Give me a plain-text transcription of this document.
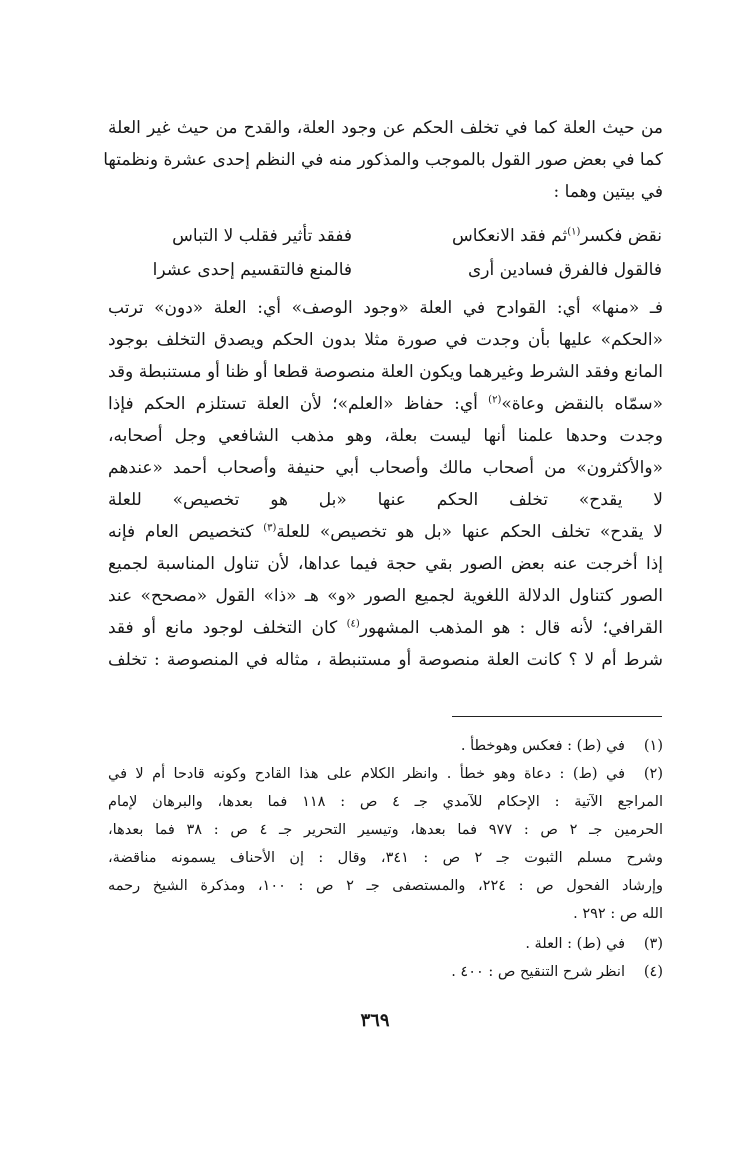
من حيث العلة كما في تخلف الحكم عن وجود العلة، والقدح من حيث غير العلة
كما في بعض صور القول بالموجب والمذكور منه في النظم إحدى عشرة ونظمتها
في بيتين وهما :
نقض فكسر$^{(١)}$ثم فقد الانعكاس
ففقد تأثير فقلب لا التباس
فالقول فالفرق فسادين أرى
فالمنع فالتقسيم إحدى عشرا
فـ «منها» أي: القوادح في العلة «وجود الوصف» أي: العلة «دون» ترتب
«الحكم» عليها بأن وجدت في صورة مثلا بدون الحكم ويصدق التخلف بوجود
المانع وفقد الشرط وغيرهما ويكون العلة منصوصة قطعا أو ظنا أو مستنبطة وقد
«سمّاه بالنقض وعاة»$^{(٢)}$ أي: حفاظ «العلم»؛ لأن العلة تستلزم الحكم فإذا
وجدت وحدها علمنا أنها ليست بعلة، وهو مذهب الشافعي وجل أصحابه،
«والأكثرون» من أصحاب مالك وأصحاب أبي حنيفة وأصحاب أحمد «عندهم
لا يقدح» تخلف الحكم عنها «بل هو تخصيص» للعلة
لا يقدح» تخلف الحكم عنها «بل هو تخصيص» للعلة$^{(٣)}$ كتخصيص العام فإنه
إذا أخرجت عنه بعض الصور بقي حجة فيما عداها، لأن تناول المناسبة لجميع
الصور كتناول الدلالة اللغوية لجميع الصور «و» هـ «ذا» القول «مصحح» عند
القرافي؛ لأنه قال : هو المذهب المشهور$^{(٤)}$ كان التخلف لوجود مانع أو فقد
شرط أم لا ؟ كانت العلة منصوصة أو مستنبطة ، مثاله في المنصوصة : تخلف
(١)
في (ط) : فعكس وهوخطأ .
(٢)
في (ط) : دعاة وهو خطأ . وانظر الكلام على هذا القادح وكونه قادحا أم لا في
المراجع الآتية : الإحكام للآمدي جـ ٤ ص : ١١٨ فما بعدها، والبرهان لإمام
الحرمين جـ ٢ ص : ٩٧٧ فما بعدها، وتيسير التحرير جـ ٤ ص : ٣٨ فما بعدها،
وشرح مسلم الثبوت جـ ٢ ص : ٣٤١، وقال : إن الأحناف يسمونه مناقضة،
وإرشاد الفحول ص : ٢٢٤، والمستصفى جـ ٢ ص : ١٠٠، ومذكرة الشيخ رحمه
الله ص : ٢٩٢ .
(٣)
في (ط) : العلة .
(٤)
انظر شرح التنقيح ص : ٤٠٠ .
٣٦٩
